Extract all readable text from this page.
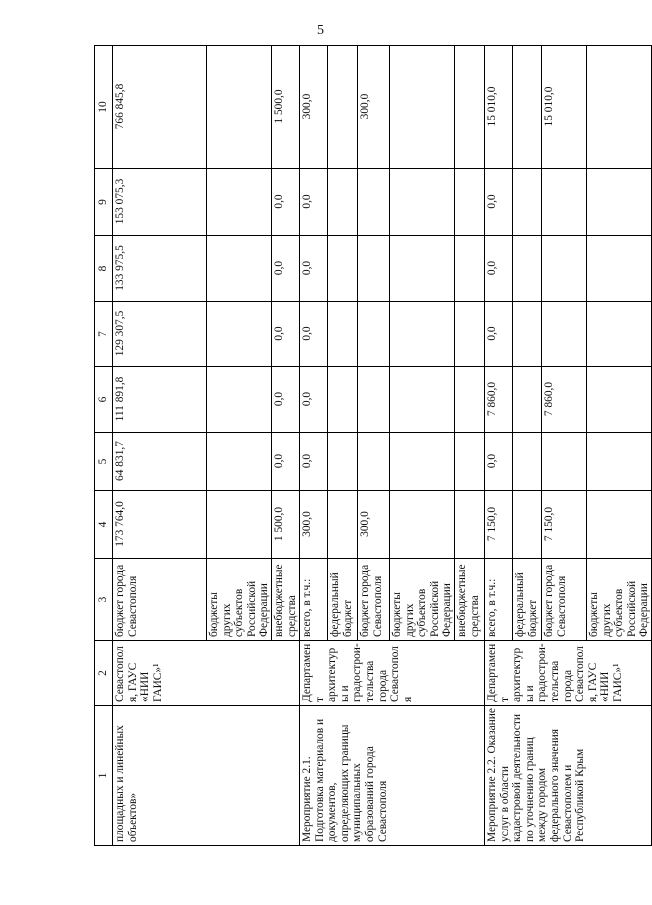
5
1	2	3	4	5	6	7	8	9	10
площадных и линейных объектов»	Севастополя, ГАУС «НИИ ГАИС»¹	бюджет города Севастополя	173 764,0	64 831,7	111 891,8	129 307,5	133 975,5	153 075,3	766 845,8
		бюджеты других субъектов Российской Федерации							
		внебюджетные средства	1 500,0	0,0	0,0	0,0	0,0	0,0	1 500,0
Мероприятие 2.1. Подготовка материалов и документов, определяющих границы муниципальных образований города Севастополя	Департамент архитектуры и градострои-тельства города Севастополя	всего, в т.ч.:	300,0	0,0	0,0	0,0	0,0	0,0	300,0
		федеральный бюджет							
		бюджет города Севастополя	300,0						300,0
		бюджеты других субъектов Российской Федерации							
		внебюджетные средства							
Мероприятие 2.2. Оказание услуг в области кадастровой деятельности по уточнению границ между городом федерального значения Севастополем и Республикой Крым	Департамент архитектуры и градострои-тельства города Севастополя, ГАУС «НИИ ГАИС»¹	всего, в т.ч.:	7 150,0	0,0	7 860,0	0,0	0,0	0,0	15 010,0
		федеральный бюджет							
		бюджет города Севастополя	7 150,0		7 860,0				15 010,0
		бюджеты других субъектов Российской Федерации							
